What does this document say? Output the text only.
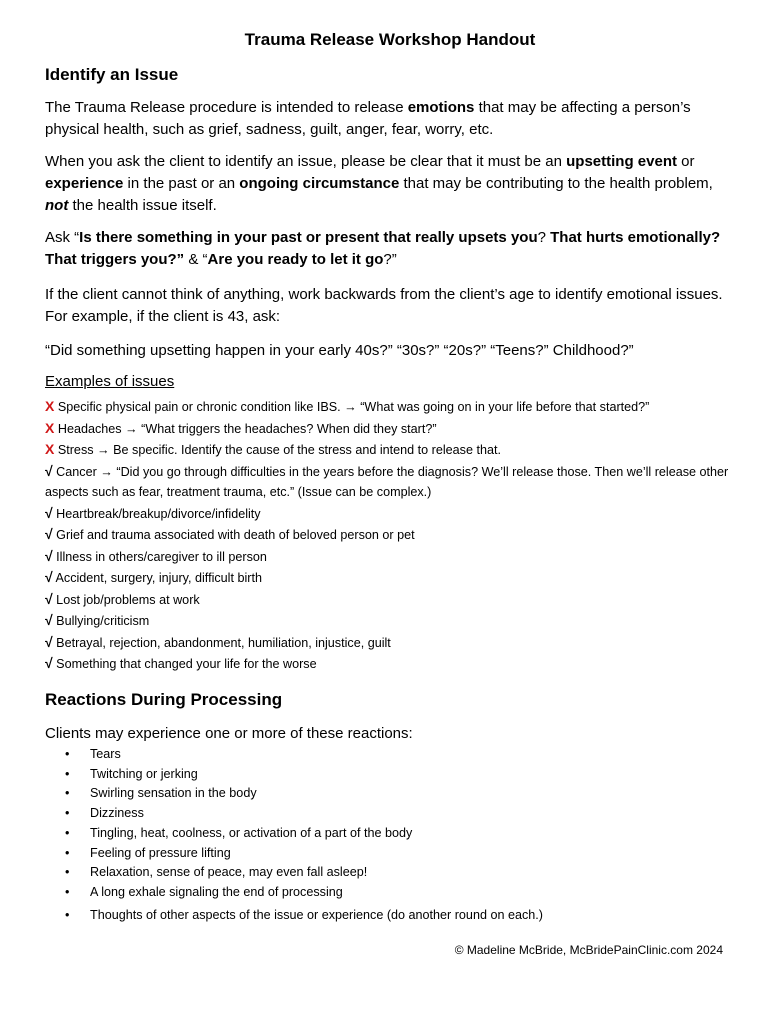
Trauma Release Workshop Handout
Identify an Issue
The Trauma Release procedure is intended to release emotions that may be affecting a person’s physical health, such as grief, sadness, guilt, anger, fear, worry, etc.
When you ask the client to identify an issue, please be clear that it must be an upsetting event or experience in the past or an ongoing circumstance that may be contributing to the health problem, not the health issue itself.
Ask “Is there something in your past or present that really upsets you? That hurts emotionally? That triggers you?” & “Are you ready to let it go?”
If the client cannot think of anything, work backwards from the client’s age to identify emotional issues. For example, if the client is 43, ask:
“Did something upsetting happen in your early 40s?” “30s?” “20s?” “Teens?” Childhood?”
Examples of issues
X Specific physical pain or chronic condition like IBS. → “What was going on in your life before that started?”
X Headaches → “What triggers the headaches? When did they start?”
X Stress → Be specific. Identify the cause of the stress and intend to release that.
√ Cancer → “Did you go through difficulties in the years before the diagnosis? We’ll release those. Then we’ll release other aspects such as fear, treatment trauma, etc.” (Issue can be complex.)
√ Heartbreak/breakup/divorce/infidelity
√ Grief and trauma associated with death of beloved person or pet
√ Illness in others/caregiver to ill person
√ Accident, surgery, injury, difficult birth
√ Lost job/problems at work
√ Bullying/criticism
√ Betrayal, rejection, abandonment, humiliation, injustice, guilt
√ Something that changed your life for the worse
Reactions During Processing
Clients may experience one or more of these reactions:
• Tears
• Twitching or jerking
• Swirling sensation in the body
• Dizziness
• Tingling, heat, coolness, or activation of a part of the body
• Feeling of pressure lifting
• Relaxation, sense of peace, may even fall asleep!
• A long exhale signaling the end of processing
• Thoughts of other aspects of the issue or experience (do another round on each.)
© Madeline McBride, McBridePainClinic.com 2024
